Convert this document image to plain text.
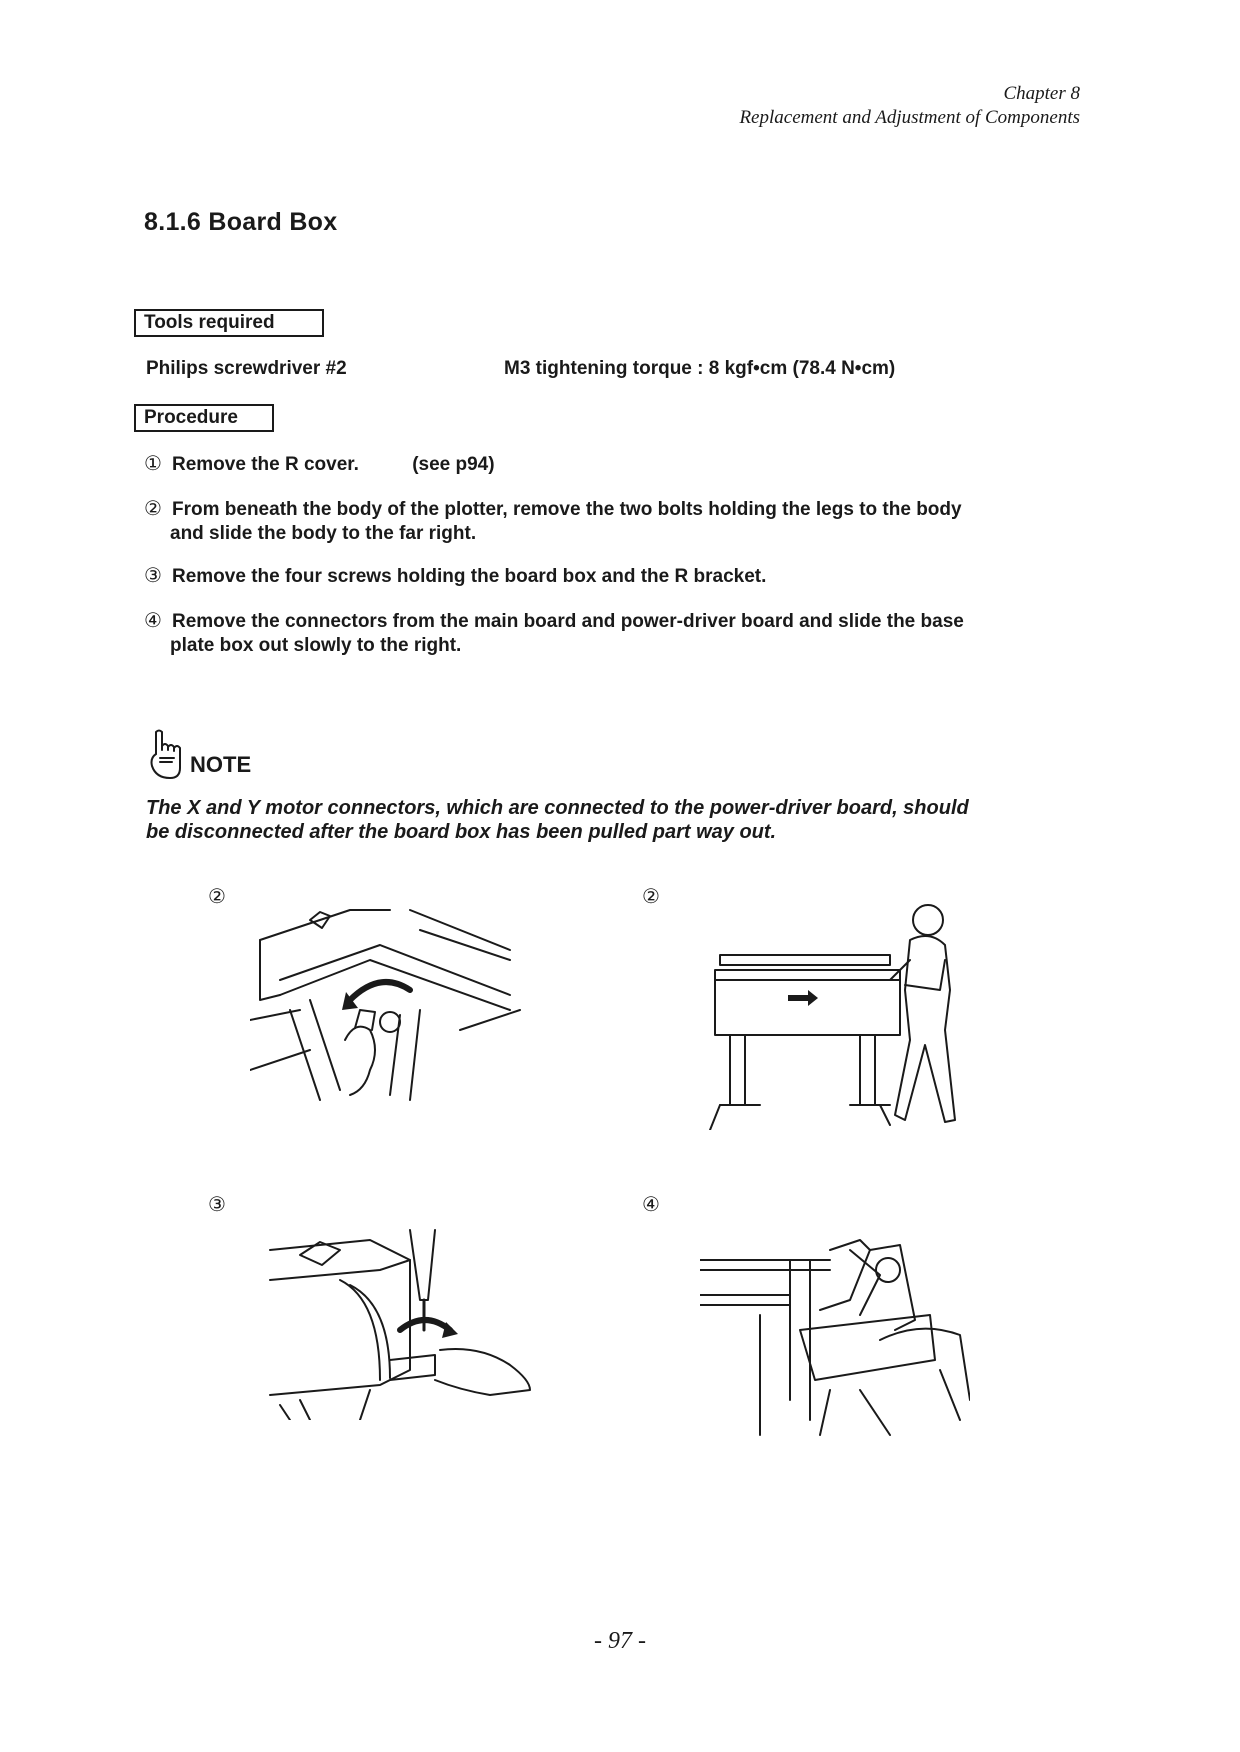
Chapter 8
Replacement and Adjustment of Components
8.1.6 Board Box
Tools required
Philips screwdriver #2	M3 tightening torque : 8 kgf•cm (78.4 N•cm)
Procedure
① Remove the R cover.	(see p94)
② From beneath the body of the plotter, remove the two bolts holding the legs to the body
and slide the body to the far right.
③ Remove the four screws holding the board box and the R bracket.
④ Remove the connectors from the main board and power-driver board and slide the base
plate box out slowly to the right.
NOTE
The X and Y motor connectors, which are connected to the power-driver board, should
be disconnected after the board box has been pulled part way out.
②	②
③	④
- 97 -
